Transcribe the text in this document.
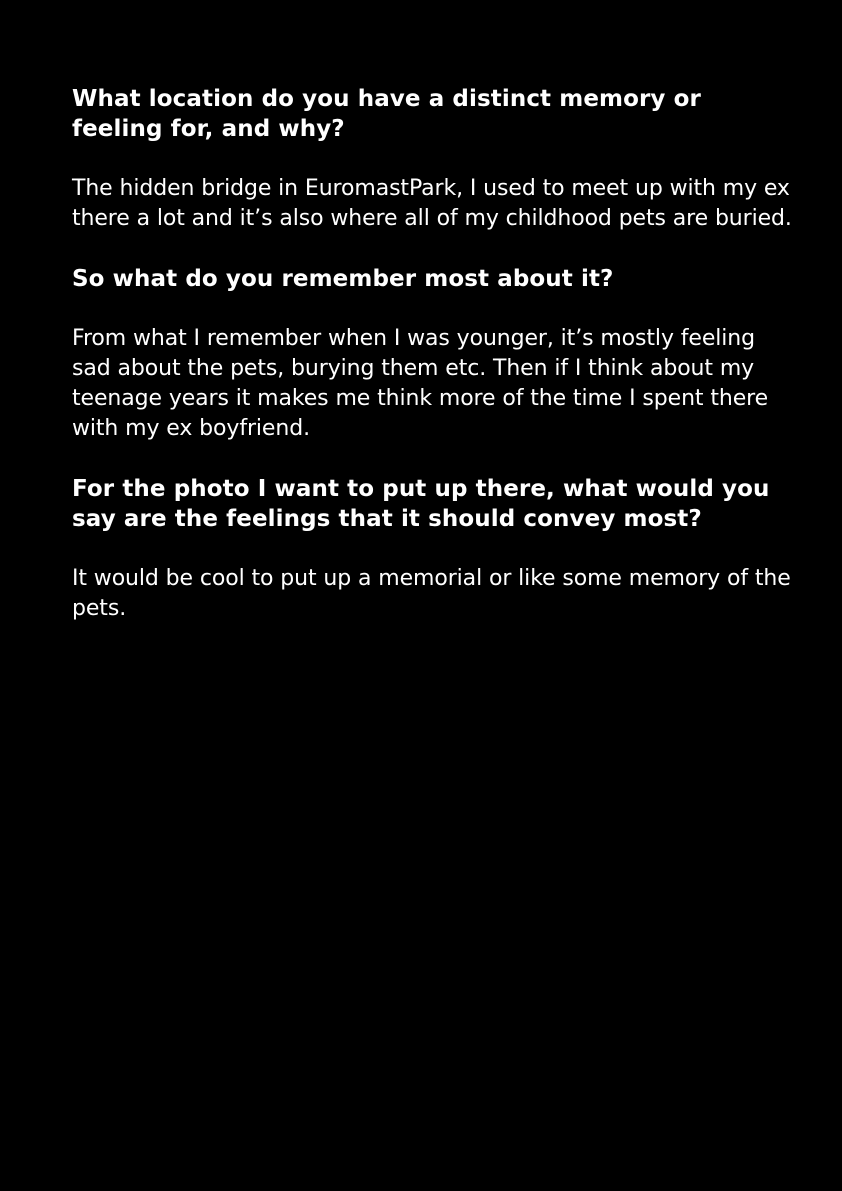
What location do you have a distinct memory or feeling for, and why?

The hidden bridge in EuromastPark, I used to meet up with my ex there a lot and it’s also where all of my childhood pets are buried.

So what do you remember most about it?

From what I remember when I was younger, it’s mostly feeling sad about the pets, burying them etc. Then if I think about my teenage years it makes me think more of the time I spent there with my ex boyfriend.

For the photo I want to put up there, what would you say are the feelings that it should convey most?

It would be cool to put up a memorial or like some memory of the pets.
